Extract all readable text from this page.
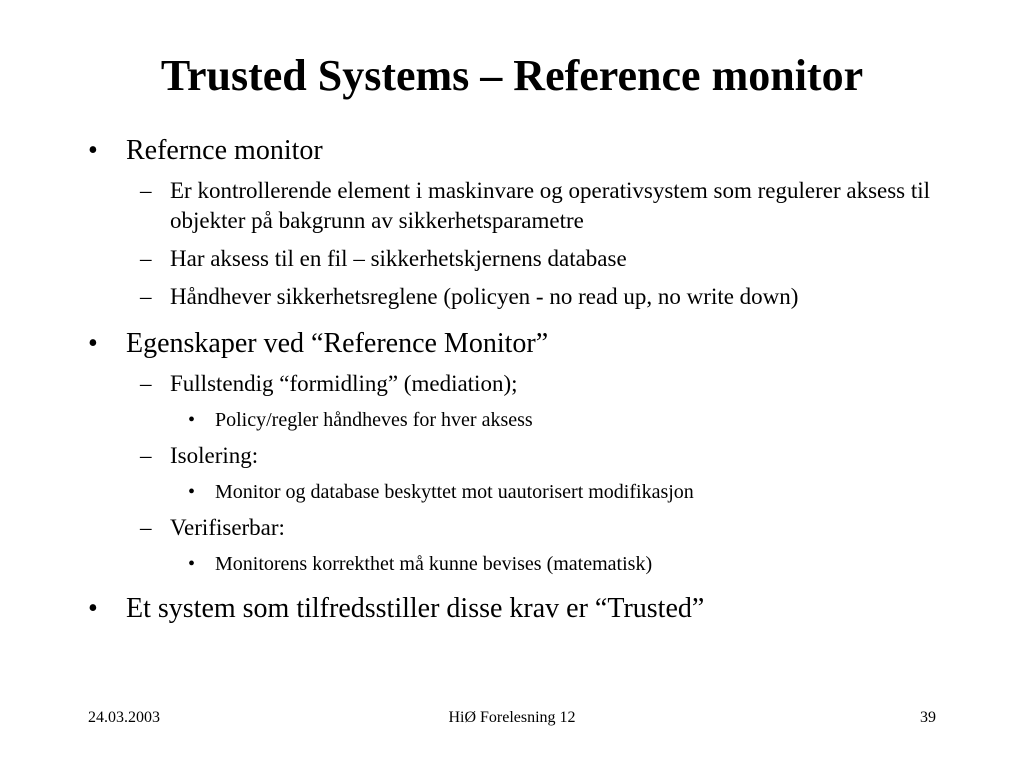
Trusted Systems – Reference monitor
• Refernce monitor
– Er kontrollerende element i maskinvare og operativsystem som regulerer aksess til objekter på bakgrunn av sikkerhetsparametre
– Har aksess til en fil – sikkerhetskjernens database
– Håndhever sikkerhetsreglene (policyen - no read up, no write down)
• Egenskaper ved “Reference Monitor”
– Fullstendig “formidling” (mediation);
• Policy/regler håndheves for hver aksess
– Isolering:
• Monitor og database beskyttet mot uautorisert modifikasjon
– Verifiserbar:
• Monitorens korrekthet må kunne bevises (matematisk)
• Et system som tilfredsstiller disse krav er “Trusted”
24.03.2003	HiØ Forelesning 12	39
